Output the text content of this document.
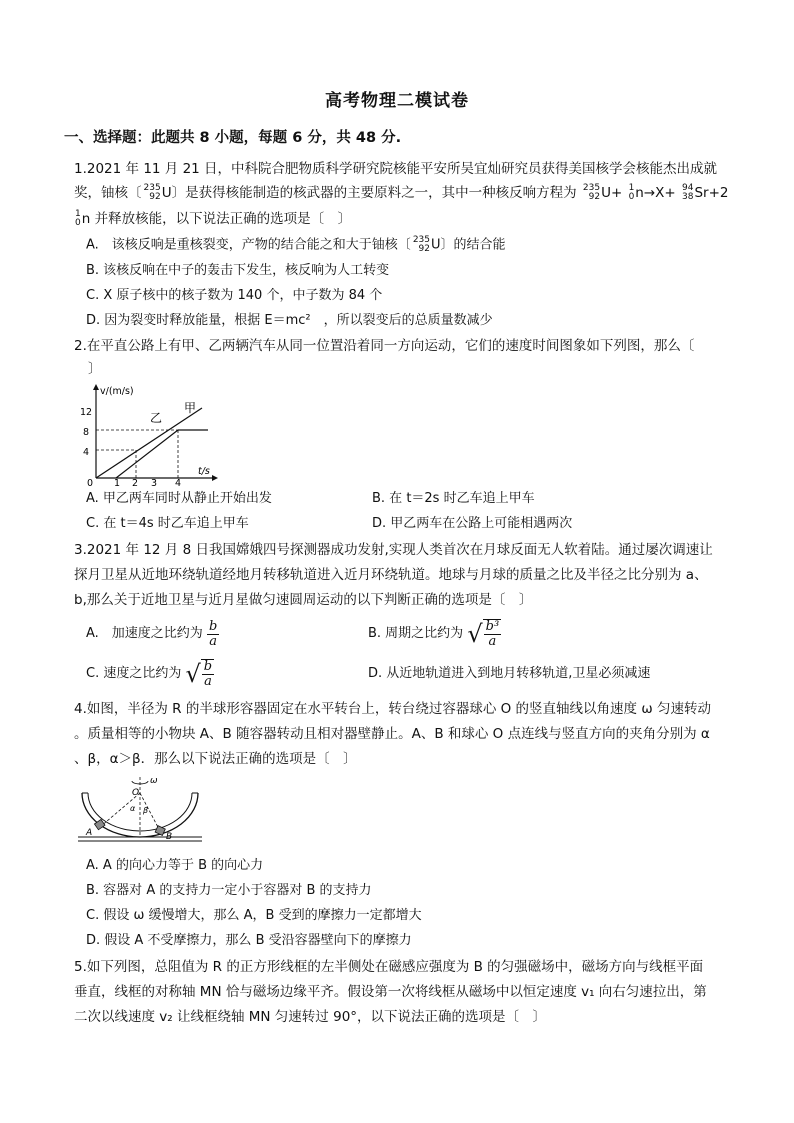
高考物理二模试卷
一、选择题：此题共 8 小题，每题 6 分，共 48 分.
1.2021 年 11 月 21 日，中科院合肥物质科学研究院核能平安所吴宜灿研究员获得美国核学会核能杰出成就
奖，铀核〔 235
92 U〕是获得核能制造的核武器的主要原料之一，其中一种核反响方程为 235
92 U+ 1
0 n→X+ 94
38 Sr+2
1
0 n 并释放核能，以下说法正确的选项是〔　〕
A.　该核反响是重核裂变，产物的结合能之和大于铀核〔 235
92 U〕的结合能
B. 该核反响在中子的轰击下发生，核反响为人工转变
C. X 原子核中的核子数为 140 个，中子数为 84 个
D. 因为裂变时释放能量，根据 E＝mc²　，所以裂变后的总质量数减少
2.在平直公路上有甲、乙两辆汽车从同一位置沿着同一方向运动，它们的速度时间图象如下列图，那么〔
〕
v/(m/s)
t/s
12
8
4
0 1 2 3 4
乙
甲
A. 甲乙两车同时从静止开始出发	B. 在 t＝2s 时乙车追上甲车
C. 在 t＝4s 时乙车追上甲车	D. 甲乙两车在公路上可能相遇两次
3.2021 年 12 月 8 日我国嫦娥四号探测器成功发射,实现人类首次在月球反面无人软着陆。通过屡次调速让
探月卫星从近地环绕轨道经地月转移轨道进入近月环绕轨道。地球与月球的质量之比及半径之比分别为 a、
b,那么关于近地卫星与近月星做匀速圆周运动的以下判断正确的选项是〔　〕
A.　加速度之比约为
$\frac{b}{a}$	B. 周期之比约为
√ $\frac{\text{b³}}{a}$
C. 速度之比约为
√ $\frac{b}{a}$	D. 从近地轨道进入到地月转移轨道,卫星必须减速
4.如图，半径为 R 的半球形容器固定在水平转台上，转台绕过容器球心 O 的竖直轴线以角速度 ω 匀速转动
。质量相等的小物块 A、B 随容器转动且相对器壁静止。A、B 和球心 O 点连线与竖直方向的夹角分别为 α
、β，α＞β．那么以下说法正确的选项是〔　〕
ω
O
α β
A	B
A. A 的向心力等于 B 的向心力
B. 容器对 A 的支持力一定小于容器对 B 的支持力
C. 假设 ω 缓慢增大，那么 A，B 受到的摩擦力一定都增大
D. 假设 A 不受摩擦力，那么 B 受沿容器壁向下的摩擦力
5.如下列图，总阻值为 R 的正方形线框的左半侧处在磁感应强度为 B 的匀强磁场中，磁场方向与线框平面
垂直，线框的对称轴 MN 恰与磁场边缘平齐。假设第一次将线框从磁场中以恒定速度 v₁ 向右匀速拉出，第
二次以线速度 v₂ 让线框绕轴 MN 匀速转过 90°，以下说法正确的选项是〔　〕
